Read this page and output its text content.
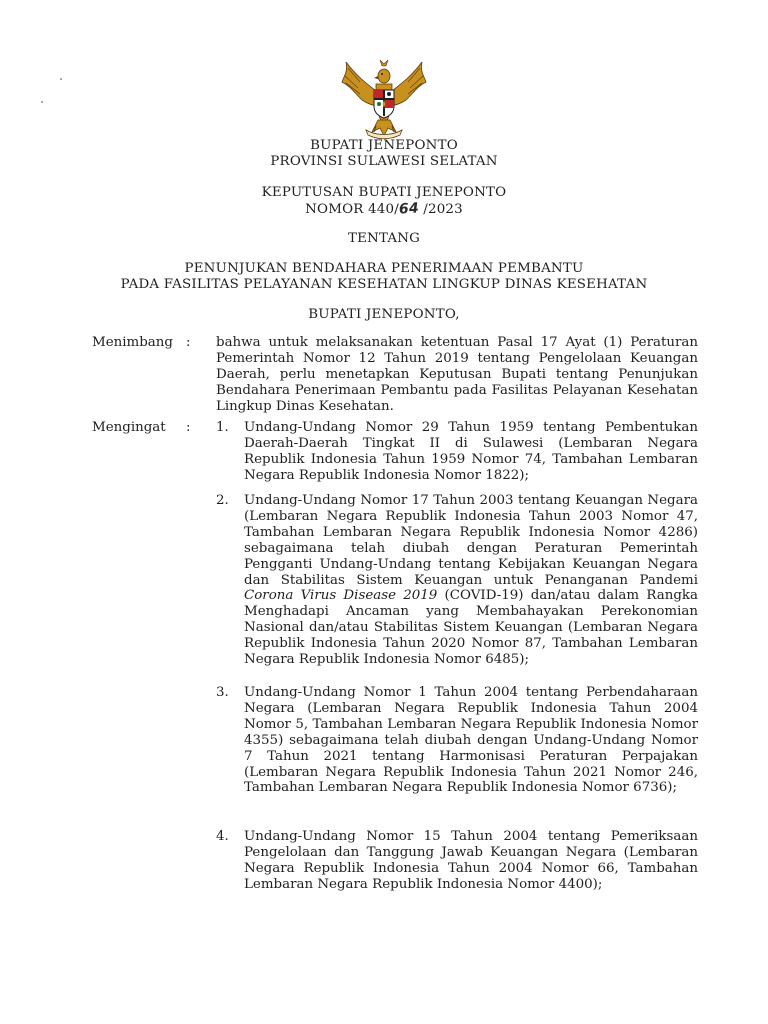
BUPATI JENEPONTO
PROVINSI SULAWESI SELATAN
KEPUTUSAN BUPATI JENEPONTO
NOMOR 440/64 /2023
TENTANG
PENUNJUKAN BENDAHARA PENERIMAAN PEMBANTU
PADA FASILITAS PELAYANAN KESEHATAN LINGKUP DINAS KESEHATAN
BUPATI JENEPONTO,
Menimbang : bahwa untuk melaksanakan ketentuan Pasal 17 Ayat (1) Peraturan Pemerintah Nomor 12 Tahun 2019 tentang Pengelolaan Keuangan Daerah, perlu menetapkan Keputusan Bupati tentang Penunjukan Bendahara Penerimaan Pembantu pada Fasilitas Pelayanan Kesehatan Lingkup Dinas Kesehatan.

Mengingat : 1. Undang-Undang Nomor 29 Tahun 1959 tentang Pembentukan Daerah-Daerah Tingkat II di Sulawesi (Lembaran Negara Republik Indonesia Tahun 1959 Nomor 74, Tambahan Lembaran Negara Republik Indonesia Nomor 1822);

2. Undang-Undang Nomor 17 Tahun 2003 tentang Keuangan Negara (Lembaran Negara Republik Indonesia Tahun 2003 Nomor 47, Tambahan Lembaran Negara Republik Indonesia Nomor 4286) sebagaimana telah diubah dengan Peraturan Pemerintah Pengganti Undang-Undang tentang Kebijakan Keuangan Negara dan Stabilitas Sistem Keuangan untuk Penanganan Pandemi Corona Virus Disease 2019 (COVID-19) dan/atau dalam Rangka Menghadapi Ancaman yang Membahayakan Perekonomian Nasional dan/atau Stabilitas Sistem Keuangan (Lembaran Negara Republik Indonesia Tahun 2020 Nomor 87, Tambahan Lembaran Negara Republik Indonesia Nomor 6485);

3. Undang-Undang Nomor 1 Tahun 2004 tentang Perbendaharaan Negara (Lembaran Negara Republik Indonesia Tahun 2004 Nomor 5, Tambahan Lembaran Negara Republik Indonesia Nomor 4355) sebagaimana telah diubah dengan Undang-Undang Nomor 7 Tahun 2021 tentang Harmonisasi Peraturan Perpajakan (Lembaran Negara Republik Indonesia Tahun 2021 Nomor 246, Tambahan Lembaran Negara Republik Indonesia Nomor 6736);

4. Undang-Undang Nomor 15 Tahun 2004 tentang Pemeriksaan Pengelolaan dan Tanggung Jawab Keuangan Negara (Lembaran Negara Republik Indonesia Tahun 2004 Nomor 66, Tambahan Lembaran Negara Republik Indonesia Nomor 4400);
